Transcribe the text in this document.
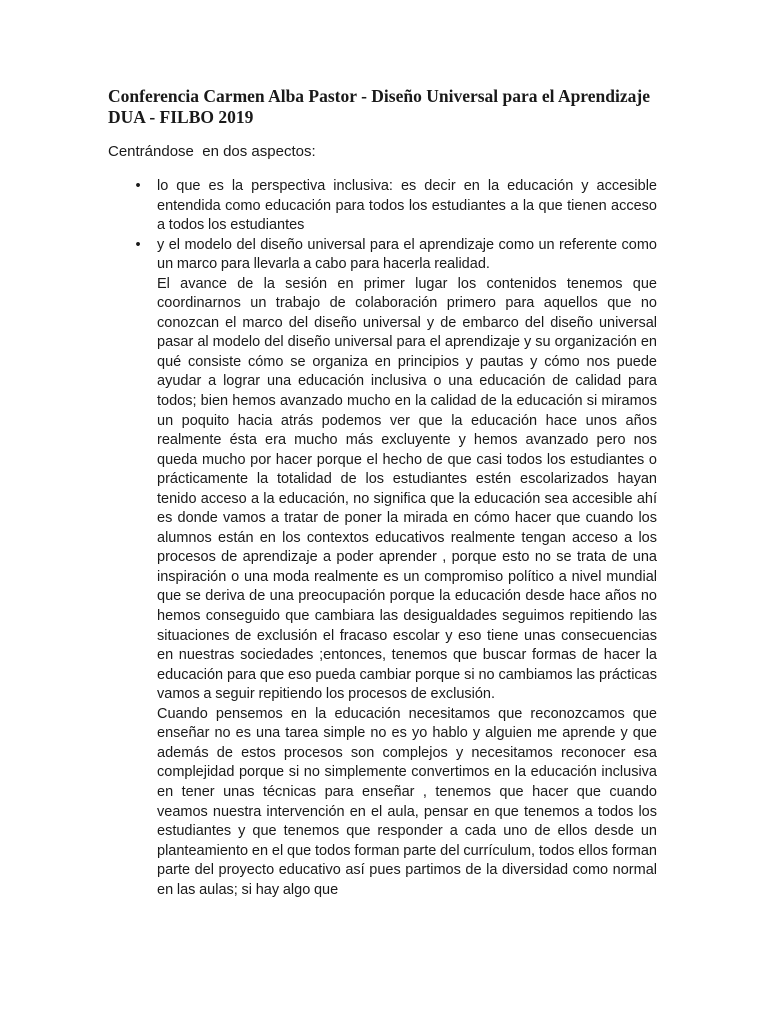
Conferencia Carmen Alba Pastor - Diseño Universal para el Aprendizaje DUA - FILBO 2019

Centrándose  en dos aspectos:

• lo que es la perspectiva inclusiva: es decir en la educación y accesible entendida como educación para todos los estudiantes a la que tienen acceso a todos los estudiantes

• y el modelo del diseño universal para el aprendizaje como un referente como un marco para llevarla a cabo para hacerla realidad.

El avance de la sesión en primer lugar los contenidos tenemos que coordinarnos un trabajo de colaboración primero para aquellos que no conozcan el marco del diseño universal y de embarco del diseño universal pasar al modelo del diseño universal para el aprendizaje y su organización en qué consiste cómo se organiza en principios y pautas y cómo nos puede ayudar a lograr una educación inclusiva o una educación de calidad para todos; bien hemos avanzado mucho en la calidad de la educación si miramos un poquito hacia atrás podemos ver que la educación hace unos años realmente ésta era mucho más excluyente y hemos avanzado pero nos queda mucho por hacer porque el hecho de que casi todos los estudiantes o prácticamente la totalidad de los estudiantes estén escolarizados hayan tenido acceso a la educación, no significa que la educación sea accesible ahí es donde vamos a tratar de poner la mirada en cómo hacer que cuando los alumnos están en los contextos educativos realmente tengan acceso a los procesos de aprendizaje a poder aprender , porque esto no se trata de una inspiración o una moda realmente es un compromiso político a nivel mundial que se deriva de una preocupación porque la educación desde hace años no hemos conseguido que cambiara las desigualdades seguimos repitiendo las situaciones de exclusión el fracaso escolar y eso tiene unas consecuencias en nuestras sociedades ;entonces, tenemos que buscar formas de hacer la educación para que eso pueda cambiar porque si no cambiamos las prácticas vamos a seguir repitiendo los procesos de exclusión.

Cuando pensemos en la educación necesitamos que reconozcamos que enseñar no es una tarea simple no es yo hablo y alguien me aprende y que además de estos procesos son complejos y necesitamos reconocer esa complejidad porque si no simplemente convertimos en la educación inclusiva en tener unas técnicas para enseñar , tenemos que hacer que cuando veamos nuestra intervención en el aula, pensar en que tenemos a todos los estudiantes y que tenemos que responder a cada uno de ellos desde un planteamiento en el que todos forman parte del currículum, todos ellos forman parte del proyecto educativo así pues partimos de la diversidad como normal en las aulas; si hay algo que
